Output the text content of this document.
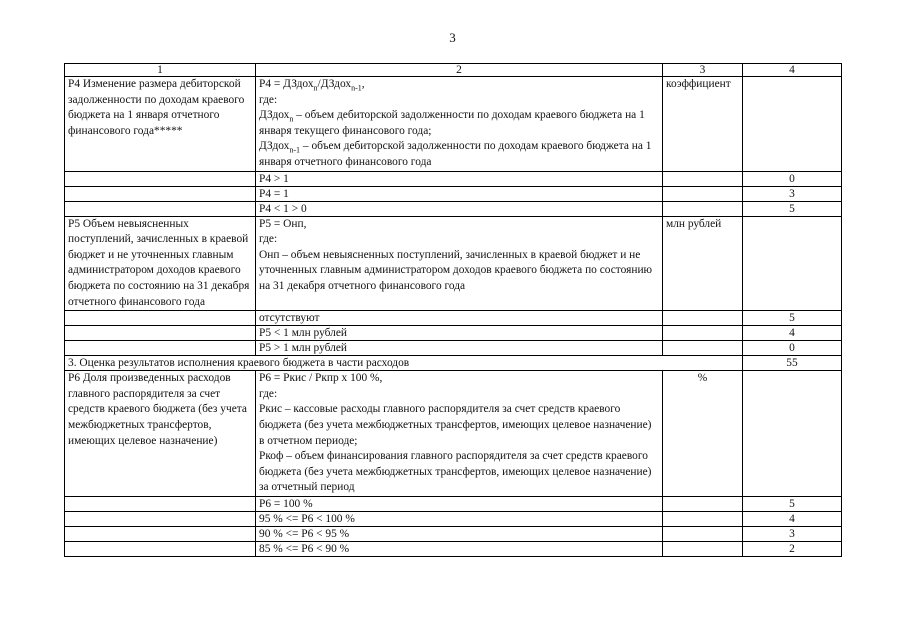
3
1	2	3	4
Р4 Изменение размера дебиторской задолженности по доходам краевого бюджета на 1 января отчетного финансового года*****	Р4 = ДЗдох$_n$/ДЗдох$_{n-1}$,
где:
ДЗдох$_n$ – объем дебиторской задолженности по доходам краевого бюджета на 1 января текущего финансового года;
ДЗдох$_{n-1}$ – объем дебиторской задолженности по доходам краевого бюджета на 1 января отчетного финансового года	коэффициент	
	Р4 > 1		0
	Р4 = 1		3
	Р4 < 1 > 0		5
Р5 Объем невыясненных поступлений, зачисленных в краевой бюджет и не уточненных главным администратором доходов краевого бюджета по состоянию на 31 декабря отчетного финансового года	Р5 = Онп,
где:
Онп – объем невыясненных поступлений, зачисленных в краевой бюджет и не уточненных главным администратором доходов краевого бюджета по состоянию на 31 декабря отчетного финансового года	млн рублей	
	отсутствуют		5
	Р5 < 1 млн рублей		4
	Р5 > 1 млн рублей		0
3. Оценка результатов исполнения краевого бюджета в части расходов			55
Р6 Доля произведенных расходов главного распорядителя за счет средств краевого бюджета (без учета межбюджетных трансфертов, имеющих целевое назначение)	Р6 = Ркис / Ркпр х 100 %,
где:
Ркис – кассовые расходы главного распорядителя за счет средств краевого бюджета (без учета межбюджетных трансфертов, имеющих целевое назначение) в отчетном периоде;
Ркоф – объем финансирования главного распорядителя за счет средств краевого бюджета (без учета межбюджетных трансфертов, имеющих целевое назначение) за отчетный период	%	
	Р6 = 100 %		5
	95 % <= Р6 < 100 %		4
	90 % <= Р6 < 95 %		3
	85 % <= Р6 < 90 %		2
